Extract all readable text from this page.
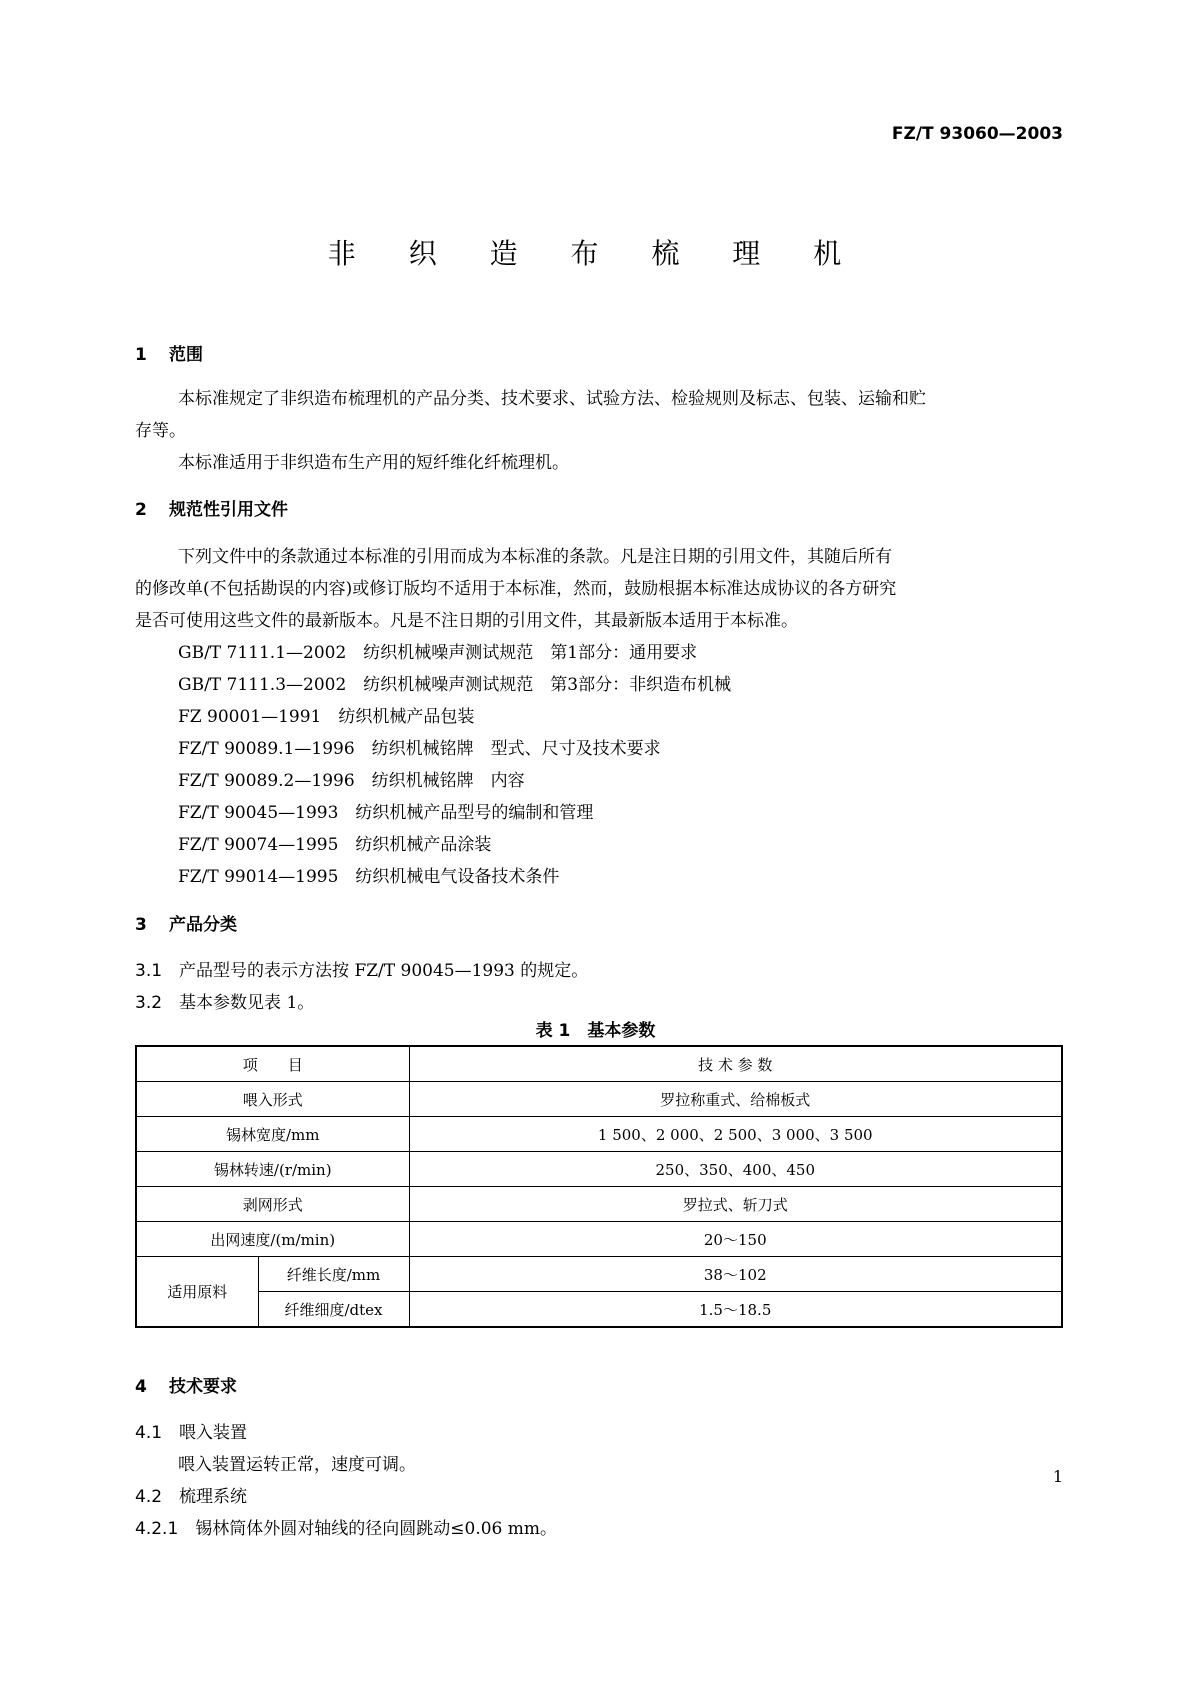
FZ/T 93060—2003
非 织 造 布 梳 理 机
1 范围
本标准规定了非织造布梳理机的产品分类、技术要求、试验方法、检验规则及标志、包装、运输和贮
存等。
本标准适用于非织造布生产用的短纤维化纤梳理机。
2 规范性引用文件
下列文件中的条款通过本标准的引用而成为本标准的条款。凡是注日期的引用文件，其随后所有
的修改单(不包括勘误的内容)或修订版均不适用于本标准，然而，鼓励根据本标准达成协议的各方研究
是否可使用这些文件的最新版本。凡是不注日期的引用文件，其最新版本适用于本标准。
GB/T 7111.1—2002　纺织机械噪声测试规范　第1部分：通用要求
GB/T 7111.3—2002　纺织机械噪声测试规范　第3部分：非织造布机械
FZ 90001—1991　纺织机械产品包装
FZ/T 90089.1—1996　纺织机械铭牌　型式、尺寸及技术要求
FZ/T 90089.2—1996　纺织机械铭牌　内容
FZ/T 90045—1993　纺织机械产品型号的编制和管理
FZ/T 90074—1995　纺织机械产品涂装
FZ/T 99014—1995　纺织机械电气设备技术条件
3 产品分类
3.1　 产品型号的表示方法按 FZ/T 90045—1993 的规定。
3.2　 基本参数见表 1。
表 1　基本参数
项　　目		技 术 参 数
喂入形式		罗拉称重式、给棉板式
锡林宽度/mm		1 500、2 000、2 500、3 000、3 500
锡林转速/(r/min)		250、350、400、450
剥网形式		罗拉式、斩刀式
出网速度/(m/min)		20～150
适用原料	纤维长度/mm	38～102
	纤维细度/dtex	1.5～18.5
4 技术要求
4.1　 喂入装置
喂入装置运转正常，速度可调。
4.2　 梳理系统
4.2.1　 锡林筒体外圆对轴线的径向圆跳动≤0.06 mm。
1
